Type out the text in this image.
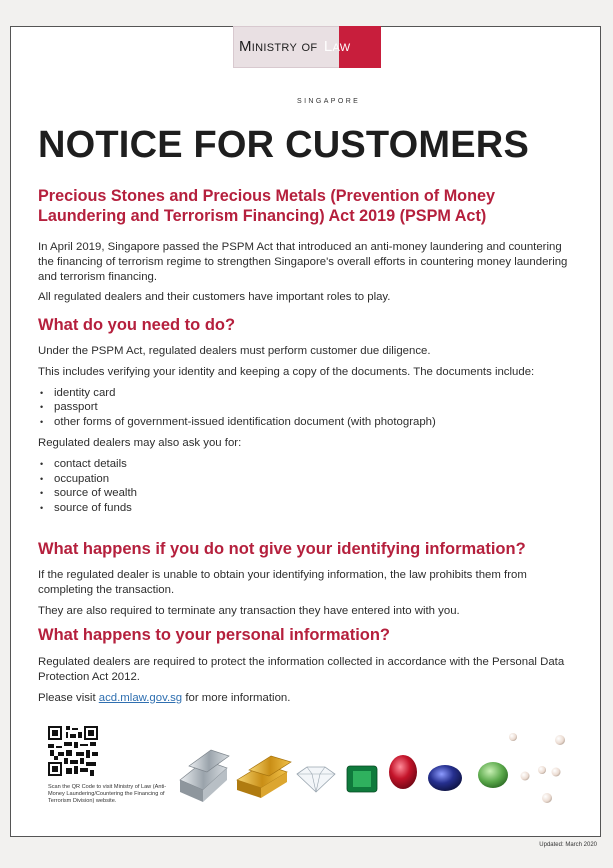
Ministry of Law
SINGAPORE
NOTICE FOR CUSTOMERS
Precious Stones and Precious Metals (Prevention of Money Laundering and Terrorism Financing) Act 2019 (PSPM Act)

In April 2019, Singapore passed the PSPM Act that introduced an anti-money laundering and countering the financing of terrorism regime to strengthen Singapore's overall efforts in countering money laundering and terrorism financing.

All regulated dealers and their customers have important roles to play.

What do you need to do?

Under the PSPM Act, regulated dealers must perform customer due diligence.

This includes verifying your identity and keeping a copy of the documents. The documents include:

• identity card
• passport
• other forms of government-issued identification document (with photograph)

Regulated dealers may also ask you for:

• contact details
• occupation
• source of wealth
• source of funds
What happens if you do not give your identifying information?

If the regulated dealer is unable to obtain your identifying information, the law prohibits them from completing the transaction.

They are also required to terminate any transaction they have entered into with you.

What happens to your personal information?

Regulated dealers are required to protect the information collected in accordance with the Personal Data Protection Act 2012.

Please visit acd.mlaw.gov.sg for more information.

Scan the QR Code to visit Ministry of Law (Anti-Money Laundering/Countering the Financing of Terrorism Division) website.
Updated: March 2020
